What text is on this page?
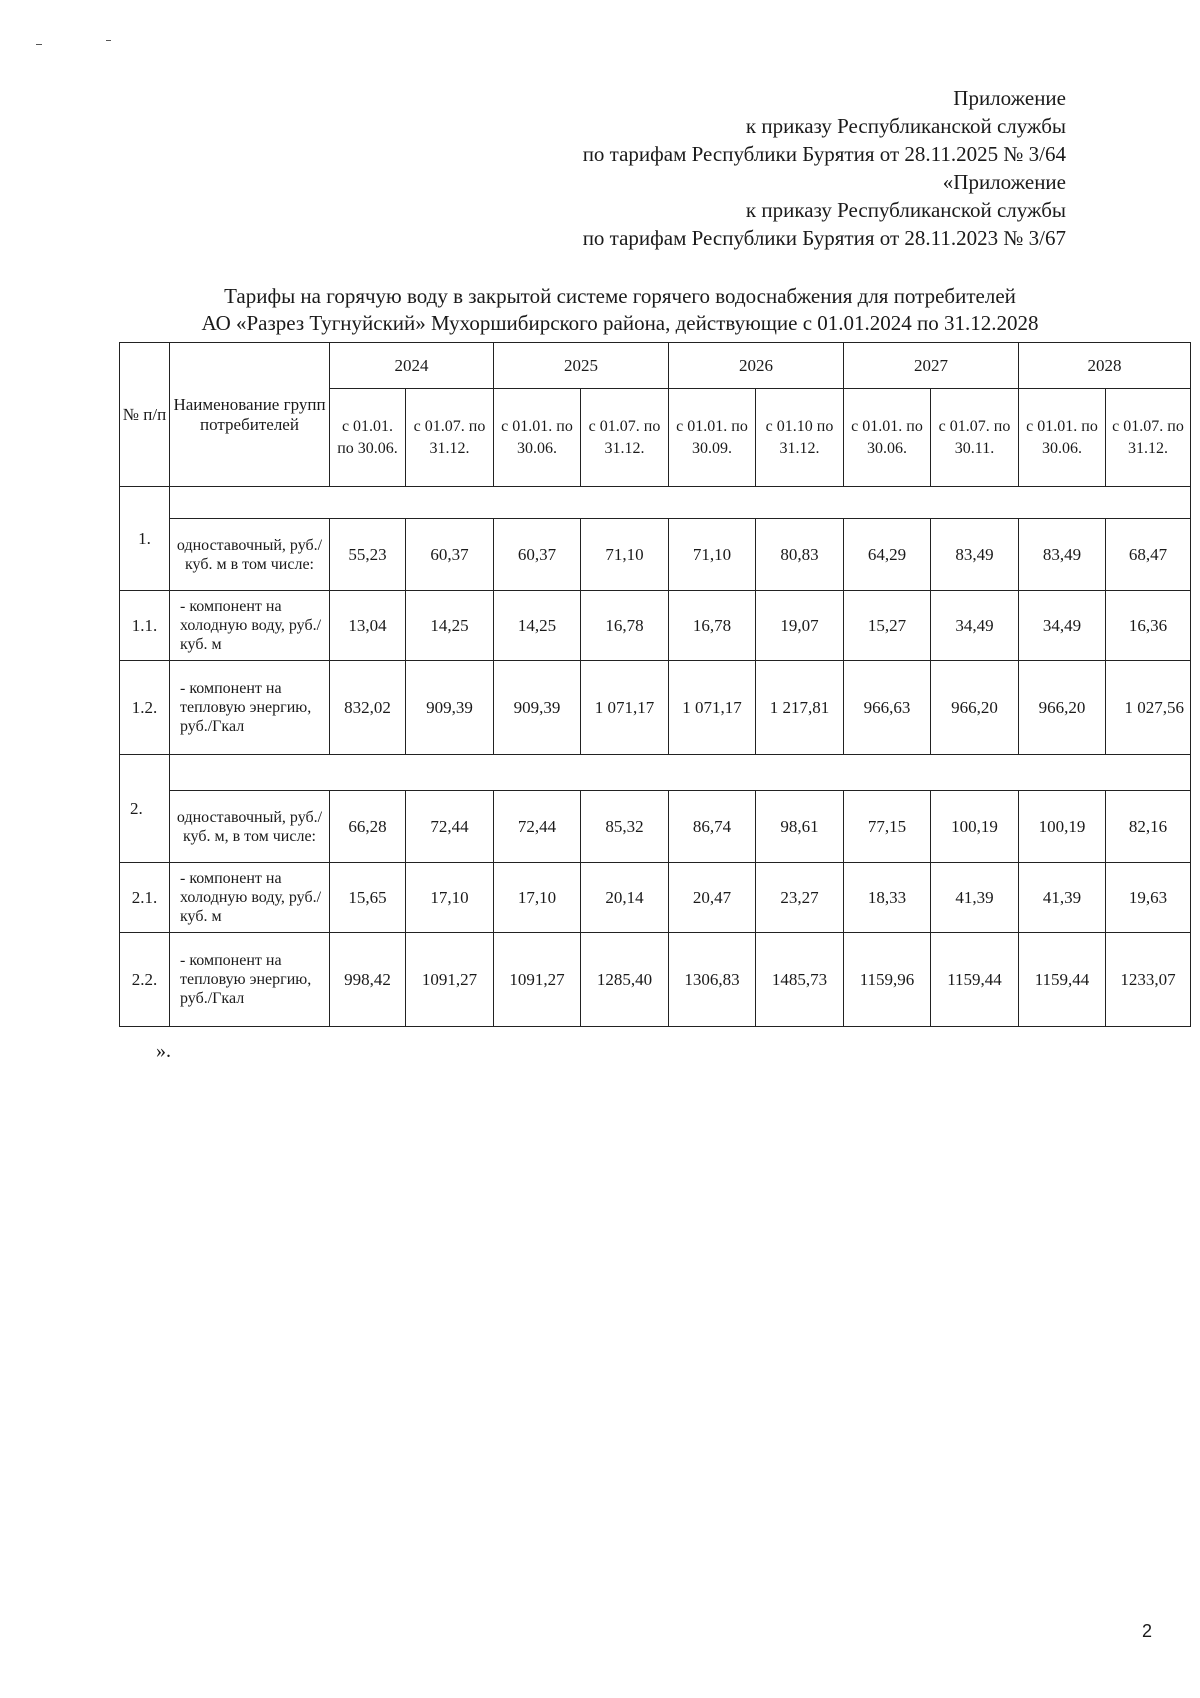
Приложение
к приказу Республиканской службы
по тарифам Республики Бурятия от 28.11.2025 № 3/64
«Приложение
к приказу Республиканской службы
по тарифам Республики Бурятия от 28.11.2023 № 3/67
Тарифы на горячую воду в закрытой системе горячего водоснабжения для потребителей
АО «Разрез Тугнуйский» Мухоршибирского района, действующие с 01.01.2024 по 31.12.2028
№ п/п	Наименование групп потребителей	2024		2025		2026		2027		2028	
		с 01.01. по 30.06.	с 01.07. по 31.12.	с 01.01. по 30.06.	с 01.07. по 31.12.	с 01.01. по 30.09.	с 01.10 по 31.12.	с 01.01. по 30.06.	с 01.07. по 30.11.	с 01.01. по 30.06.	с 01.07. по 31.12.
1.											
	одноставочный, руб./ куб. м в том числе:	55,23	60,37	60,37	71,10	71,10	80,83	64,29	83,49	83,49	68,47
1.1.	- компонент на холодную воду, руб./ куб. м	13,04	14,25	14,25	16,78	16,78	19,07	15,27	34,49	34,49	16,36
1.2.	- компонент на тепловую энергию, руб./Гкал	832,02	909,39	909,39	1 071,17	1 071,17	1 217,81	966,63	966,20	966,20	1 027,56
2.											
	одноставочный, руб./ куб. м, в том числе:	66,28	72,44	72,44	85,32	86,74	98,61	77,15	100,19	100,19	82,16
2.1.	- компонент на холодную воду, руб./ куб. м	15,65	17,10	17,10	20,14	20,47	23,27	18,33	41,39	41,39	19,63
2.2.	- компонент на тепловую энергию, руб./Гкал	998,42	1091,27	1091,27	1285,40	1306,83	1485,73	1159,96	1159,44	1159,44	1233,07
».
2
